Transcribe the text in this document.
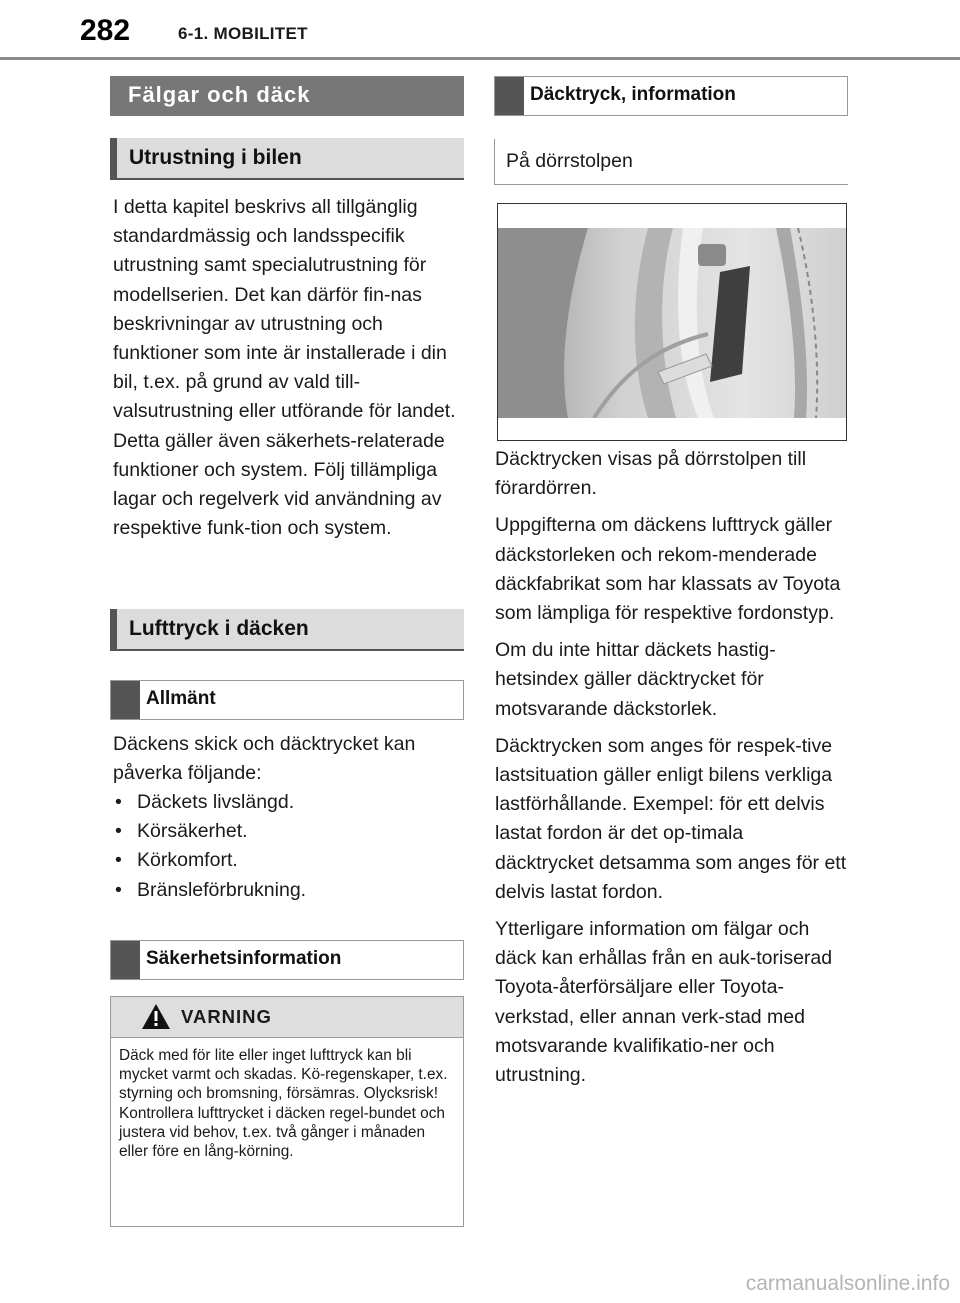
282	6-1. MOBILITET
Fälgar och däck
Utrustning i bilen

I detta kapitel beskrivs all tillgänglig standardmässig och landsspecifik utrustning samt specialutrustning för modellserien. Det kan därför fin-nas beskrivningar av utrustning och funktioner som inte är installerade i din bil, t.ex. på grund av vald till-valsutrustning eller utförande för landet. Detta gäller även säkerhets-relaterade funktioner och system. Följ tillämpliga lagar och regelverk vid användning av respektive funk-tion och system.

Lufttryck i däcken
Allmänt

Däckens skick och däcktrycket kan påverka följande:

• Däckets livslängd.
• Körsäkerhet.
• Körkomfort.
• Bränsleförbrukning.
Säkerhetsinformation
VARNING
Däck med för lite eller inget lufttryck kan bli mycket varmt och skadas. Kö-regenskaper, t.ex. styrning och bromsning, försämras. Olycksrisk! Kontrollera lufttrycket i däcken regel-bundet och justera vid behov, t.ex. två gånger i månaden eller före en lång-körning.
Däcktryck, information
På dörrstolpen

Däcktrycken visas på dörrstolpen till förardörren.

Uppgifterna om däckens lufttryck gäller däckstorleken och rekom-menderade däckfabrikat som har klassats av Toyota som lämpliga för respektive fordonstyp.

Om du inte hittar däckets hastig-hetsindex gäller däcktrycket för motsvarande däckstorlek.

Däcktrycken som anges för respek-tive lastsituation gäller enligt bilens verkliga lastförhållande. Exempel: för ett delvis lastat fordon är det op-timala däcktrycket detsamma som anges för ett delvis lastat fordon.

Ytterligare information om fälgar och däck kan erhållas från en auk-toriserad Toyota-återförsäljare eller Toyota-verkstad, eller annan verk-stad med motsvarande kvalifikatio-ner och utrustning.

carmanualsonline.info
